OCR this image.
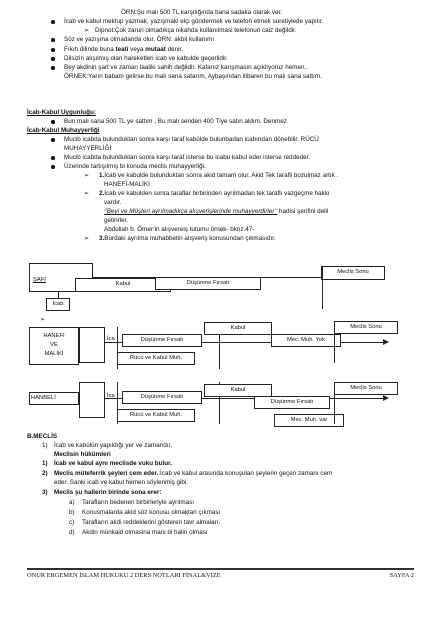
ÖRN:Şu malı 500 TL karşılığında bana sadaka olarak ver.
İcab ve kabul mektup yazmak, yazışmaki elçi göndermek ve telefon etmek suretiylede yapılır.
➢ Dipnot:Çok zaruri olmadıkça nikahda kullanılmasi telefonun caiz değildir.
Söz ve yazışma olmadanda olur. ÖRN: akbil kullanımı
Fıkıh dilinde buna teati veya mutaat denir.
Dilsizin alışılmış olan hareketleri icab ve kabulde geçerlidir.
Bey akdinin şart ve zaman taaliki sahih değildir. Kafanız karışmasın açıklıyoruz hemen..
ÖRNEK:Yarın babam gelirse bu malı sana satarım, Aybaşından itibaren bu malı sana sattım.
İcab-Kabul Uygunluğu:
Bun malı sana 500 TL ye sattım , Bu malı senden 400 Tlye satın aldım. Denmez
İcab-Kabul Muhayyerliği
Mucib icabda bulunduktan sonra karşı taraf kabülde bulunbadan icabından dönebilir. RÜCÜ
MUHAYYERLİĞİ
Mucib icabda bulunduktan sonra karşı taraf isterse bu icabu kabul eder isterse reddeder.
Üzerinde tartışılmış bi konuda meclis muhayyerliği.
➢ 1.İcab ve kabulde bulunduktan sonra akid tamam olur. Akid Tek tarafli bozulmaz artık .
HANEFİ-MALİKİ
➢ 2.İcab ve kabulden sonra taraflar birbirinden ayrılmadan tek taraflı vazgeçme hakkı
vardır.
‘’Beyi ve Müşteri ayrılmadıkça alışverişlerinde muhayyerdirler’’ hadisi şerifini delil
getirirler.
Abdullah b. Ömer’in alışvereiş tutumu örnek- bknz.47-
➢ 3.Burdaki ayrılma muhabbetin alışveriş konusundan çıkmasıdır.
ŞAFİ
Kabul	Düşünme Fırsatı
Meclis Sonu
İcab
➢
HANEFİ
VE
MALİKİ
İca	Düşünme Fırsatı
Rücü ve Kabul Muh.
Kabul
Mec. Muh. Yok
Meclis Sonu
HANBELİ	İca	Düşünme Fırsatı
Rücü ve Kabul Muh.
Kabul
Düşünme Fırsatı
Mec. Muh. var
Meclis Sonu
B.MECLİS
1) İcab ve kabülün yapıldığı yer ve zamandır.
Meclisin hükümleri
1) İcab ve kabul aynı meclisde vuku bulur.
2) Meclis müteferrik şeyleri cem eder.:İcab ve kabul arasında konuşulan şeylerin geçen zamanı cem
eder. Sanki icab ve kabul hemen söylenmiş gibi.
3) Meclis şu hallerin birinde sona erer:
a) Tarafların bedenen birbirlerlyle ayrılması
b) Konusmalarda akid söz konusu olmaktan çıkması
c) Tarafların akdi reddeklerini gösteren tavr almaları.
d) Akdin münkaid olmasina mani bi halin olması
ONUR ERGEMEN İSLAM HUKUKU 2 DERS NOTLARI FİNAL&VİZE	SAYFA 2
